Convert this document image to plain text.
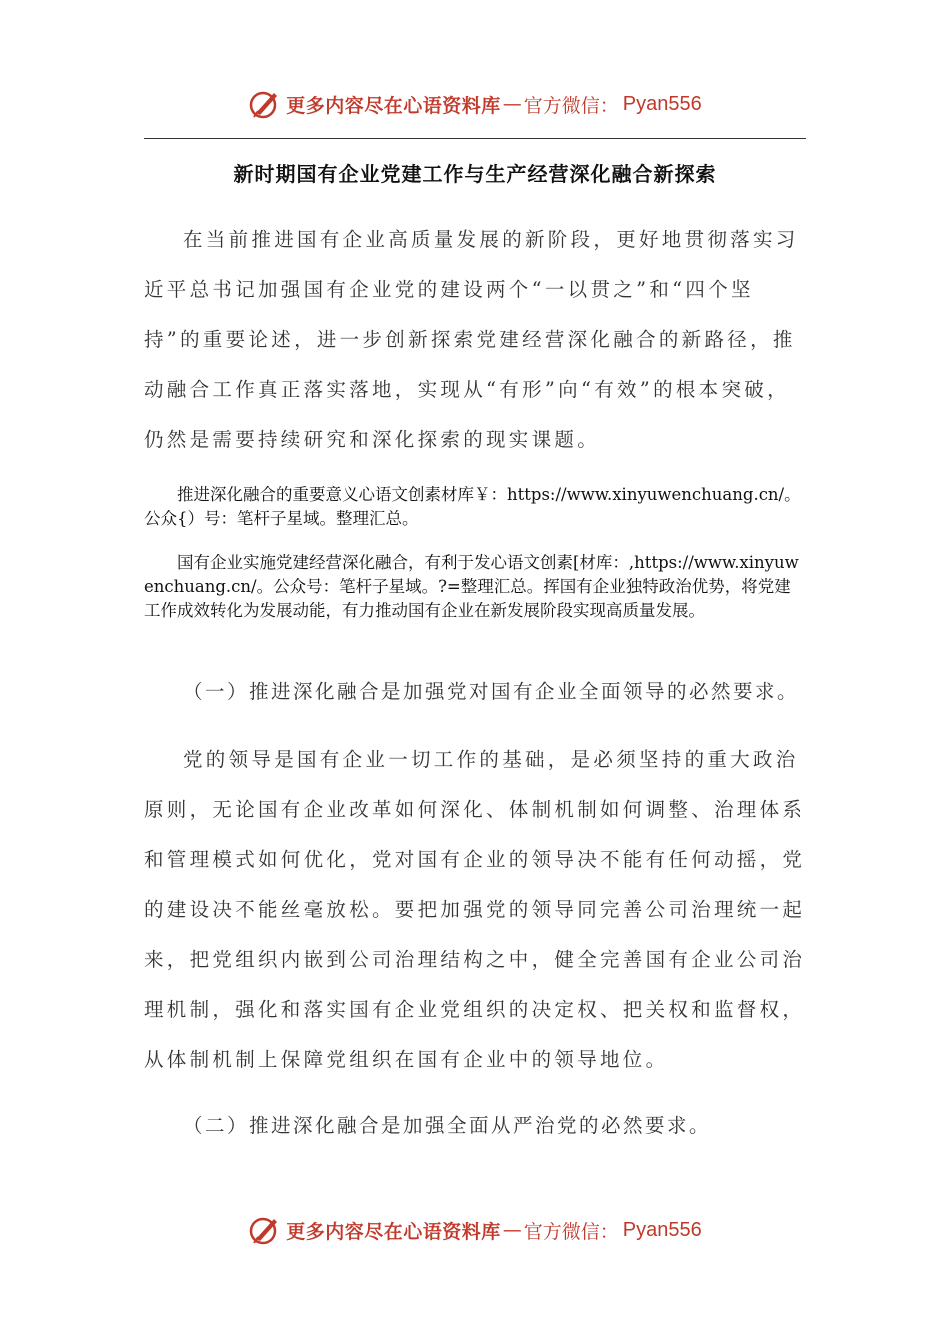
更多内容尽在心语资料库 — 官方微信： Pyan556
新时期国有企业党建工作与生产经营深化融合新探索

在当前推进国有企业高质量发展的新阶段，更好地贯彻落实习近平总书记加强国有企业党的建设两个“一以贯之”和“四个坚持”的重要论述，进一步创新探索党建经营深化融合的新路径，推动融合工作真正落实落地，实现从“有形”向“有效”的根本突破，仍然是需要持续研究和深化探索的现实课题。

推进深化融合的重要意义心语文创素材库￥：https://www.xinyuwenchuang.cn/。公众{）号：笔杆子星域。整理汇总。

国有企业实施党建经营深化融合，有利于发心语文创素[材库：,https://www.xinyuwenchuang.cn/。公众号：笔杆子星域。?=整理汇总。挥国有企业独特政治优势，将党建工作成效转化为发展动能，有力推动国有企业在新发展阶段实现高质量发展。

（一）推进深化融合是加强党对国有企业全面领导的必然要求。

党的领导是国有企业一切工作的基础，是必须坚持的重大政治原则，无论国有企业改革如何深化、体制机制如何调整、治理体系和管理模式如何优化，党对国有企业的领导决不能有任何动摇，党的建设决不能丝毫放松。要把加强党的领导同完善公司治理统一起来，把党组织内嵌到公司治理结构之中，健全完善国有企业公司治理机制，强化和落实国有企业党组织的决定权、把关权和监督权，从体制机制上保障党组织在国有企业中的领导地位。

（二）推进深化融合是加强全面从严治党的必然要求。

更多内容尽在心语资料库 — 官方微信： Pyan556
